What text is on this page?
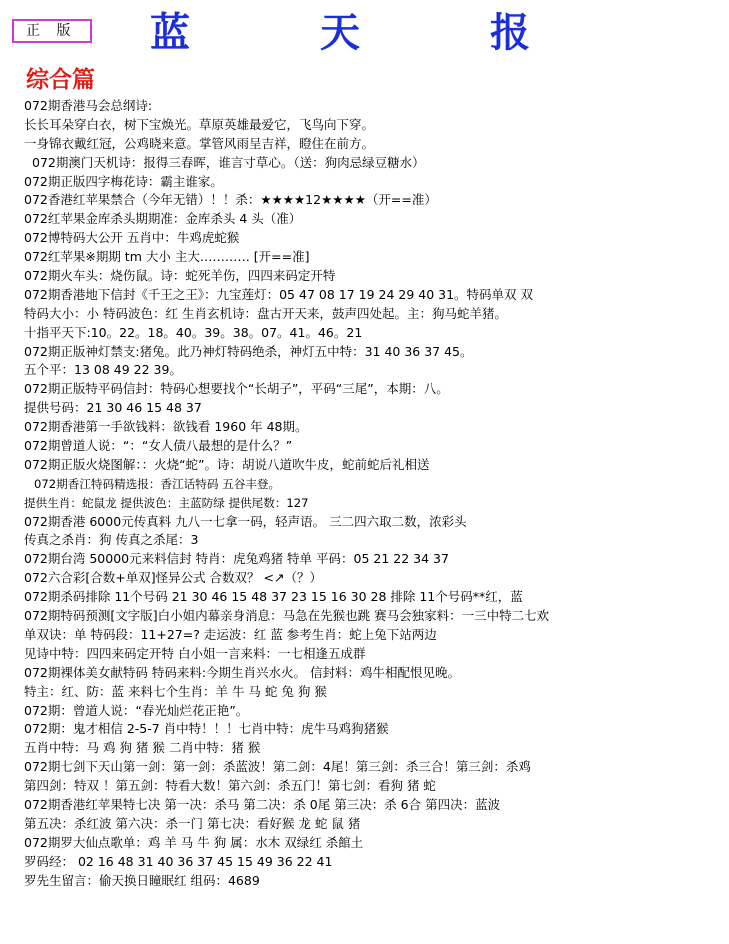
正 版	蓝	天	报
综合篇
072期香港马会总纲诗:
长长耳朵穿白衣，树下宝焕光。草原英雄最爱它，飞鸟向下穿。
一身锦衣戴红冠，公鸡晓来意。掌管风雨呈吉祥，瞪住在前方。
072期澳门天机诗：报得三春晖，谁言寸草心。（送：狗肉忌绿豆糖水）
072期正版四字梅花诗：霸主谁家。
072香港红苹果禁合（今年无错）！！杀：★★★★12★★★★（开==准）
072红苹果金库杀头期期准：金库杀头 4 头（准）
072博特码大公开 五肖中：牛鸡虎蛇猴
072红苹果※期期 tm 大小 主大………… [开==准]
072期火车头：烧伤鼠。诗：蛇死羊伤，四四来码定开特
072期香港地下信封《千王之王》：九宝莲灯：05 47 08 17 19 24 29 40 31。特码单双 双
特码大小：小 特码波色：红 生肖玄机诗：盘古开天来，鼓声四处起。主：狗马蛇羊猪。
十指平天下:10。22。18。40。39。38。07。41。46。21
072期正版神灯禁支:猪兔。此乃神灯特码绝杀，神灯五中特：31 40 36 37 45。
五个平：13 08 49 22 39。
072期正版特平码信封：特码心想要找个“长胡子”，平码“三尾”，本期：八。
提供号码：21 30 46 15 48 37
072期香港第一手欲钱料：欲钱看 1960 年 48期。
072期曾道人说：“：“女人债八最想的是什么？”
072期正版火烧图解：：火烧“蛇”。诗：胡说八道吹牛皮，蛇前蛇后礼相送
072期香江特码精选报：香江话特码 五谷丰登。
提供生肖：蛇鼠龙 提供波色：主蓝防绿 提供尾数：127
072期香港 6000元传真料 九八一七拿一码，轻声语。 三二四六取二数，浓彩头
传真之杀肖：狗 传真之杀尾：3
072期台湾 50000元来料信封 特肖：虎兔鸡猪 特单 平码：05 21 22 34 37
072六合彩[合数+单双]怪异公式 合数双？ <↗（？）
072期杀码排除 11个号码 21 30 46 15 48 37 23 15 16 30 28 排除 11个号码**红，蓝
072期特码预测[文字版]白小姐内幕亲身消息：马急在先猴也跳 赛马会独家料：一三中特二七欢
单双诀：单 特码段：11+27=? 走运波：红 蓝 参考生肖：蛇上兔下站两边
见诗中特：四四来码定开特 白小姐一言来料：一七相逢五成群
072期裸体美女献特码 特码来料:今期生肖兴水火。 信封料：鸡牛相配恨见晚。
特主：红、防：蓝 来料七个生肖：羊 牛 马 蛇 兔 狗 猴
072期：曾道人说：“春光灿烂花正艳”。
072期：鬼才相信 2-5-7 肖中特！！！七肖中特：虎牛马鸡狗猪猴
五肖中特：马 鸡 狗 猪 猴 二肖中特：猪 猴
072期七剑下天山第一剑：第一剑：杀蓝波！第二剑：4尾！第三剑：杀三合！第三剑：杀鸡
第四剑：特双 ！第五剑：特看大数！第六剑：杀五门！第七剑：看狗 猪 蛇
072期香港红苹果特七决 第一决：杀马 第二决：杀 0尾 第三决：杀 6合 第四决：蓝波
第五决：杀红波 第六决：杀一门 第七决：看好猴 龙 蛇 鼠 猪
072期罗大仙点歌单：鸡 羊 马 牛 狗 属：水木 双绿红 杀館土
罗码经： 02 16 48 31 40 36 37 45 15 49 36 22 41
罗先生留言：偷天换日瞳眠红 组码：4689
